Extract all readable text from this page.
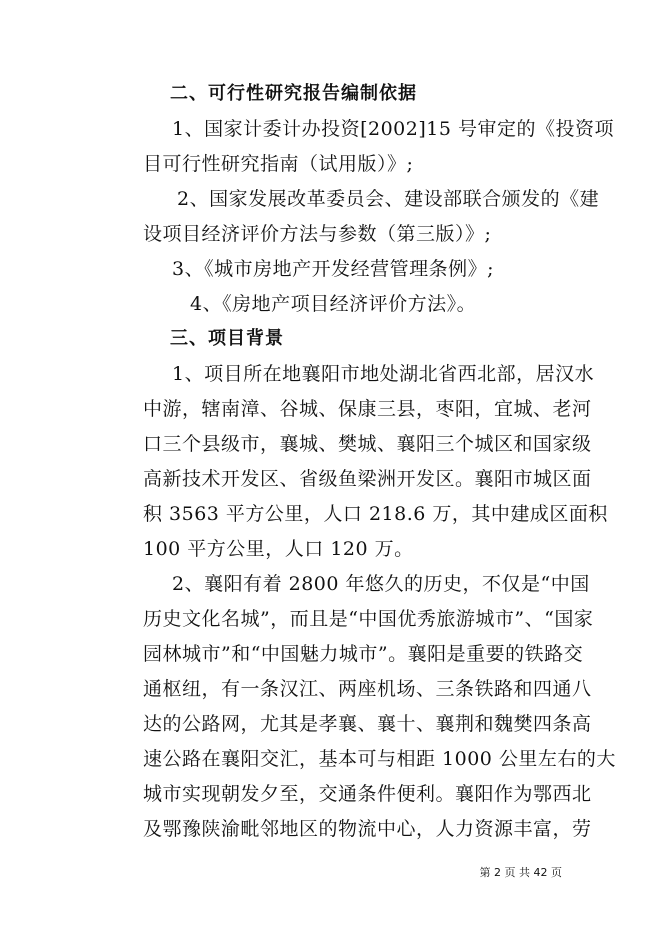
二、可行性研究报告编制依据
1、国家计委计办投资[2002]15 号审定的《投资项
目可行性研究指南（试用版）》;
2、国家发展改革委员会、建设部联合颁发的《建
设项目经济评价方法与参数（第三版）》;
3、《城市房地产开发经营管理条例》;
4、《房地产项目经济评价方法》。
三、项目背景
1、项目所在地襄阳市地处湖北省西北部，居汉水
中游，辖南漳、谷城、保康三县，枣阳，宜城、老河
口三个县级市，襄城、樊城、襄阳三个城区和国家级
高新技术开发区、省级鱼梁洲开发区。襄阳市城区面
积 3563 平方公里，人口 218.6 万，其中建成区面积
100 平方公里，人口 120 万。
2、襄阳有着 2800 年悠久的历史，不仅是“中国
历史文化名城”，而且是“中国优秀旅游城市”、“国家
园林城市”和“中国魅力城市”。襄阳是重要的铁路交
通枢纽，有一条汉江、两座机场、三条铁路和四通八
达的公路网，尤其是孝襄、襄十、襄荆和魏樊四条高
速公路在襄阳交汇，基本可与相距 1000 公里左右的大
城市实现朝发夕至，交通条件便利。襄阳作为鄂西北
及鄂豫陕渝毗邻地区的物流中心，人力资源丰富，劳
第 2 页 共 42 页
